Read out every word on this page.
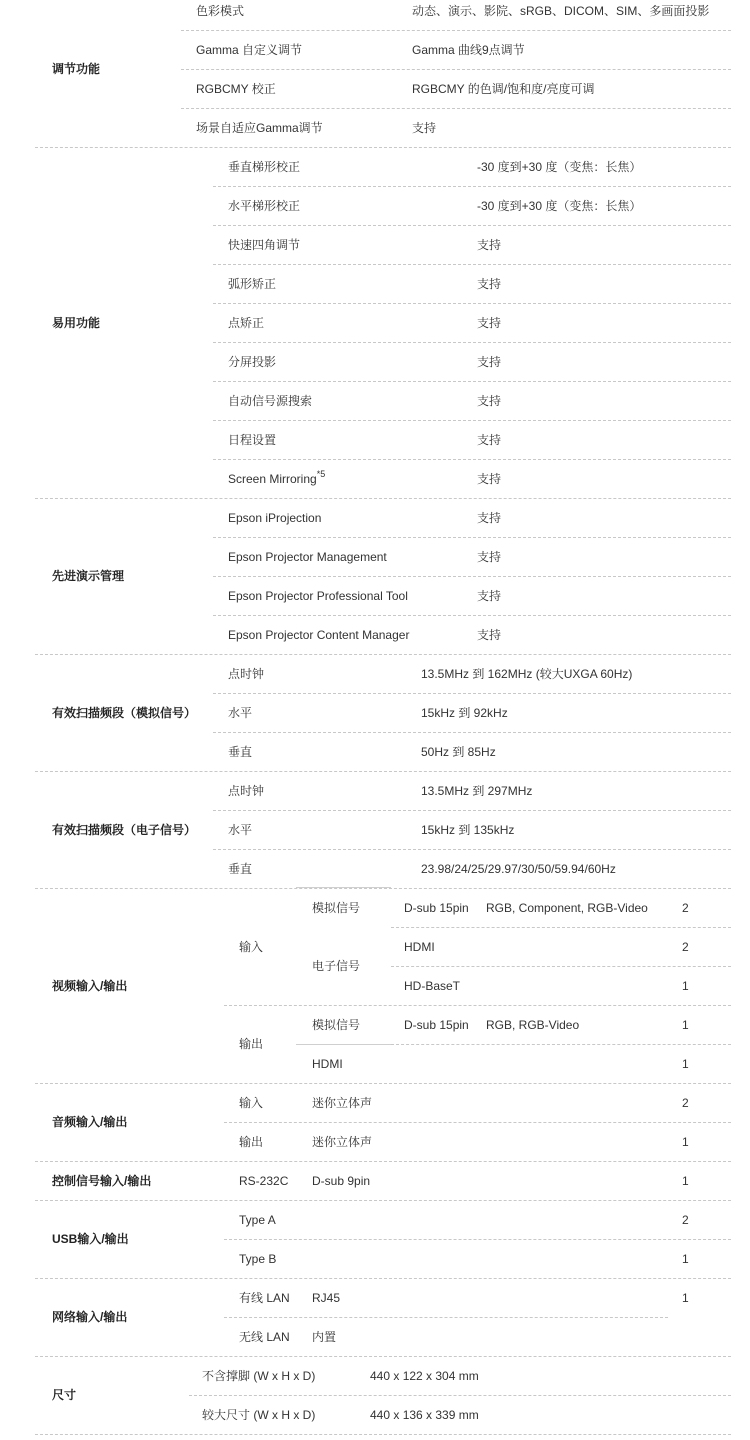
调节功能
色彩模式	动态、演示、影院、sRGB、DICOM、SIM、多画面投影
Gamma 自定义调节	Gamma 曲线9点调节
RGBCMY 校正	RGBCMY 的色调/饱和度/亮度可调
场景自适应Gamma调节	支持
易用功能
垂直梯形校正	-30 度到+30 度（变焦：长焦）
水平梯形校正	-30 度到+30 度（变焦：长焦）
快速四角调节	支持
弧形矫正	支持
点矫正	支持
分屏投影	支持
自动信号源搜索	支持
日程设置	支持
Screen Mirroring$^{*5}$	支持
先进演示管理
Epson iProjection	支持
Epson Projector Management	支持
Epson Projector Professional Tool	支持
Epson Projector Content Manager	支持
有效扫描频段（模拟信号）
点时钟	13.5MHz 到 162MHz (较大UXGA 60Hz)
水平	15kHz 到 92kHz
垂直	50Hz 到 85Hz
有效扫描频段（电子信号）
点时钟	13.5MHz 到 297MHz
水平	15kHz 到 135kHz
垂直	23.98/24/25/29.97/30/50/59.94/60Hz
视频输入/输出
输入
模拟信号	D-sub 15pin RGB, Component, RGB-Video	2
电子信号
HDMI	2
HD-BaseT	1
输出
模拟信号	D-sub 15pin RGB, RGB-Video	1
HDMI	1
音频输入/输出
输入	迷你立体声	2
输出	迷你立体声	1
控制信号输入/输出	RS-232C D-sub 9pin	1
USB输入/输出
Type A	2
Type B	1
网络输入/输出
有线 LAN RJ45	1
无线 LAN 内置
尺寸
不含撑脚 (W x H x D)	440 x 122 x 304 mm
较大尺寸 (W x H x D)	440 x 136 x 339 mm
